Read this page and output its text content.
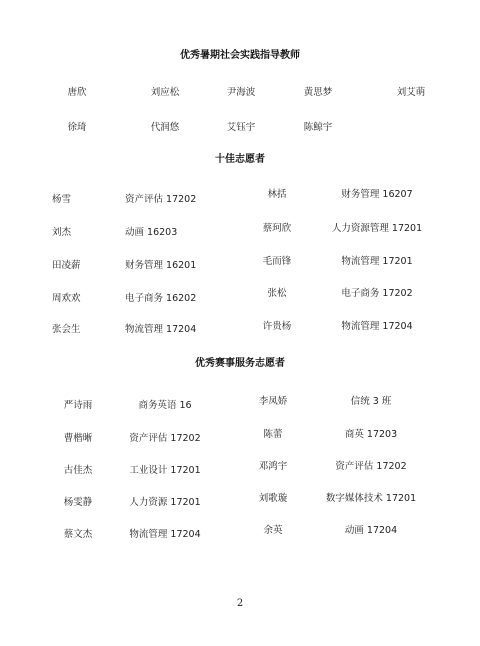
优秀暑期社会实践指导教师
唐欣	刘应松	尹海波	黄思梦	刘艾萌
徐琦	代润悠	艾钰宇	陈鲸宇
十佳志愿者
杨雪	资产评估 17202	林括	财务管理 16207
刘杰	动画 16203	蔡珂欣	人力资源管理 17201
田凌薪	财务管理 16201	毛而锋	物流管理 17201
周欢欢	电子商务 16202	张松	电子商务 17202
张会生	物流管理 17204	许贵杨	物流管理 17204
优秀赛事服务志愿者
严诗雨	商务英语 16	李凤娇	信统 3 班
曹楷晰	资产评估 17202	陈蕾	商英 17203
古佳杰	工业设计 17201	邓鸿宇	资产评估 17202
杨雯静	人力资源 17201	刘歌璇	数字媒体技术 17201
蔡文杰	物流管理 17204	余英	动画 17204
2
